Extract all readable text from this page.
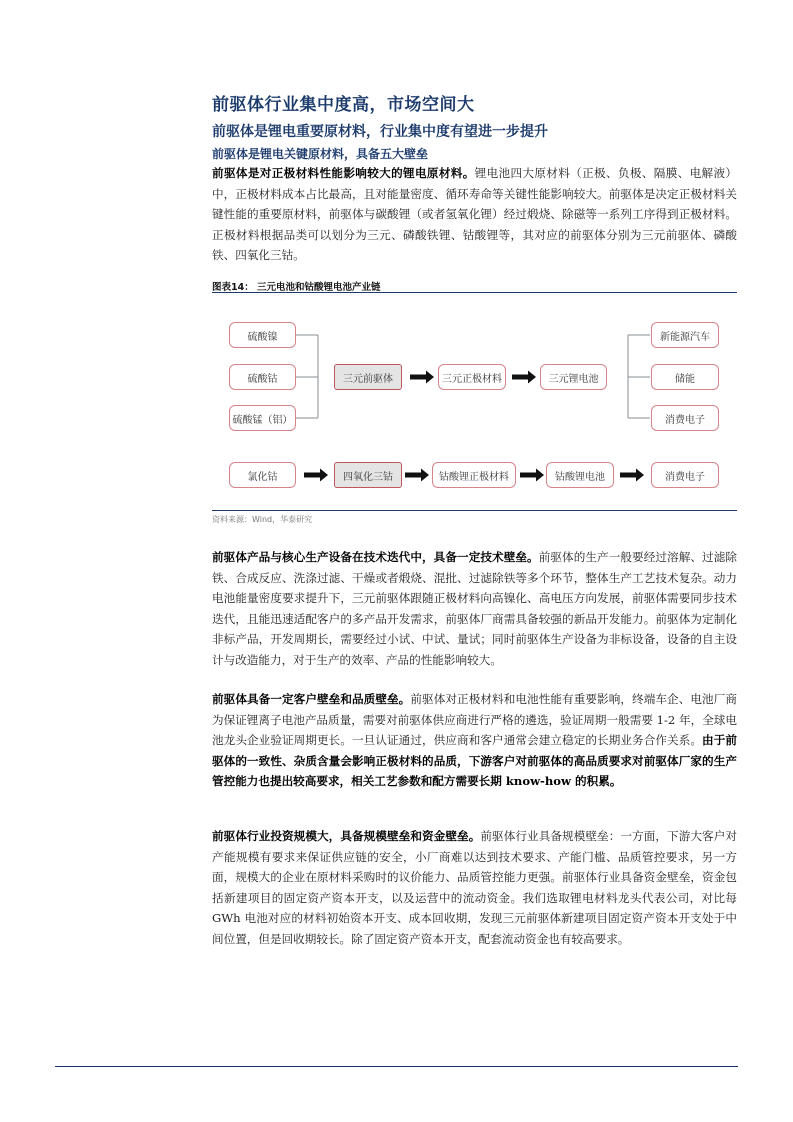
前驱体行业集中度高，市场空间大
前驱体是锂电重要原材料，行业集中度有望进一步提升
前驱体是锂电关键原材料，具备五大壁垒

前驱体是对正极材料性能影响较大的锂电原材料。锂电池四大原材料（正极、负极、隔膜、电解液）中，正极材料成本占比最高，且对能量密度、循环寿命等关键性能影响较大。前驱体是决定正极材料关键性能的重要原材料，前驱体与碳酸锂（或者氢氧化锂）经过煅烧、除磁等一系列工序得到正极材料。正极材料根据品类可以划分为三元、磷酸铁锂、钴酸锂等，其对应的前驱体分别为三元前驱体、磷酸铁、四氧化三钴。

图表14： 三元电池和钴酸锂电池产业链
硫酸镍
硫酸钴
硫酸锰（铝）
三元前驱体	三元正极材料	三元锂电池
新能源汽车
储能
消费电子
氯化钴	四氧化三钴	钴酸锂正极材料	钴酸锂电池	消费电子
资料来源：Wind，华泰研究

前驱体产品与核心生产设备在技术迭代中，具备一定技术壁垒。前驱体的生产一般要经过溶解、过滤除铁、合成反应、洗涤过滤、干燥或者煅烧、混批、过滤除铁等多个环节，整体生产工艺技术复杂。动力电池能量密度要求提升下，三元前驱体跟随正极材料向高镍化、高电压方向发展，前驱体需要同步技术迭代，且能迅速适配客户的多产品开发需求，前驱体厂商需具备较强的新品开发能力。前驱体为定制化非标产品，开发周期长，需要经过小试、中试、量试；同时前驱体生产设备为非标设备，设备的自主设计与改造能力，对于生产的效率、产品的性能影响较大。

前驱体具备一定客户壁垒和品质壁垒。前驱体对正极材料和电池性能有重要影响，终端车企、电池厂商为保证锂离子电池产品质量，需要对前驱体供应商进行严格的遴选，验证周期一般需要 1-2 年，全球电池龙头企业验证周期更长。一旦认证通过，供应商和客户通常会建立稳定的长期业务合作关系。由于前驱体的一致性、杂质含量会影响正极材料的品质，下游客户对前驱体的高品质要求对前驱体厂家的生产管控能力也提出较高要求，相关工艺参数和配方需要长期 know-how 的积累。

前驱体行业投资规模大，具备规模壁垒和资金壁垒。前驱体行业具备规模壁垒：一方面，下游大客户对产能规模有要求来保证供应链的安全，小厂商难以达到技术要求、产能门槛、品质管控要求，另一方面，规模大的企业在原材料采购时的议价能力、品质管控能力更强。前驱体行业具备资金壁垒，资金包括新建项目的固定资产资本开支，以及运营中的流动资金。我们选取锂电材料龙头代表公司，对比每 GWh 电池对应的材料初始资本开支、成本回收期，发现三元前驱体新建项目固定资产资本开支处于中间位置，但是回收期较长。除了固定资产资本开支，配套流动资金也有较高要求。
